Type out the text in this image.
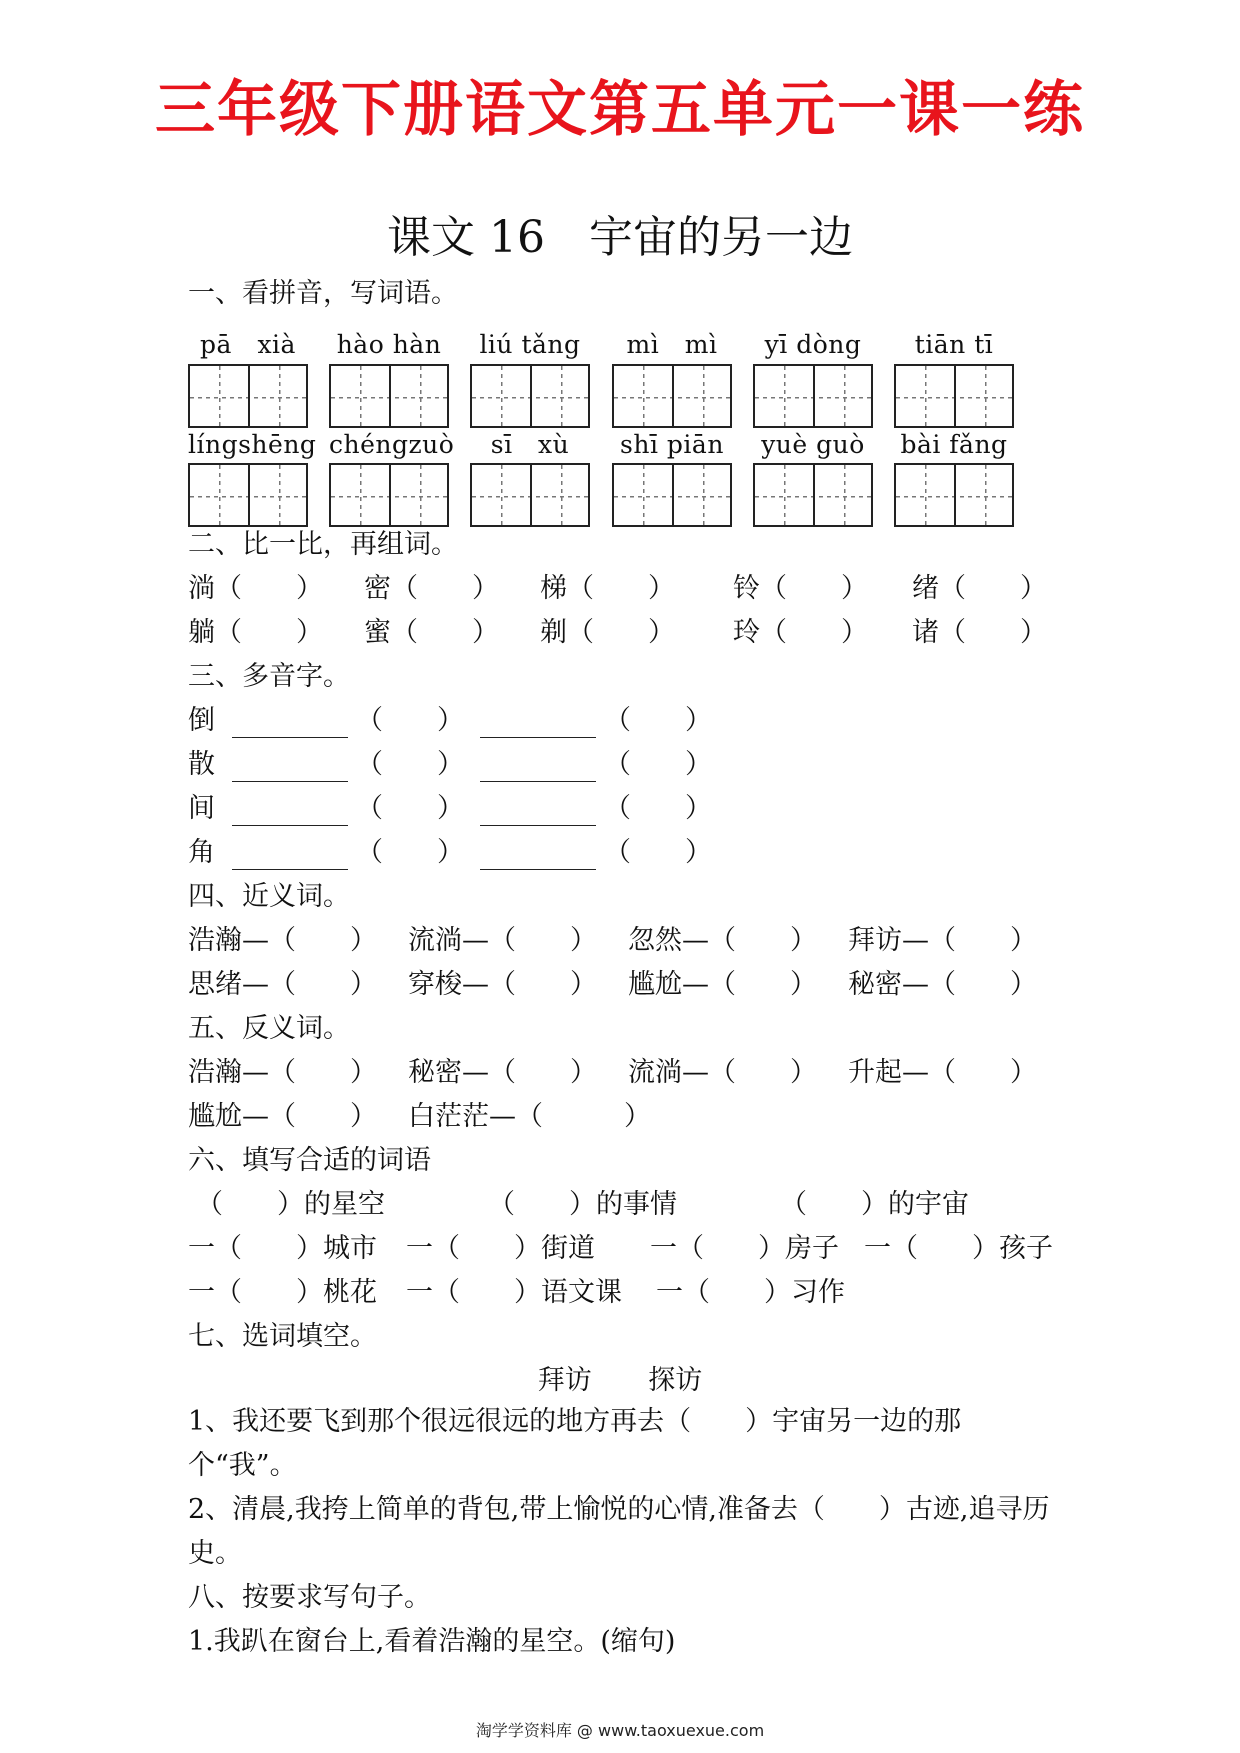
三年级下册语文第五单元一课一练
课文 16　宇宙的另一边
一、看拼音，写词语。
pā　xià	hào hàn	liú tǎng	mì　mì	yī dòng	tiān tī
língshēng chéngzuò	sī　xù	shī piān	yuè guò	bài fǎng
二、比一比，再组词。
淌（　　） 密（　　） 梯（　　） 铃（　　） 绪（　　）
躺（　　） 蜜（　　） 剃（　　） 玲（　　） 诸（　　）
三、多音字。
倒	（　　）	（　　）
散	（　　）	（　　）
间	（　　）	（　　）
角	（　　）	（　　）
四、近义词。
浩瀚—（　　） 流淌—（　　） 忽然—（　　） 拜访—（　　）
思绪—（　　） 穿梭—（　　） 尴尬—（　　） 秘密—（　　）
五、反义词。
浩瀚—（　　） 秘密—（　　） 流淌—（　　） 升起—（　　）
尴尬—（　　） 白茫茫—（　　　）
六、填写合适的词语
（　　）的星空	（　　）的事情	（　　）的宇宙
一（　　）城市 一（　　）街道 一（　　）房子 一（　　）孩子
一（　　）桃花 一（　　）语文课 一（　　）习作
七、选词填空。
拜访 探访
1、我还要飞到那个很远很远的地方再去（　　）宇宙另一边的那个“我”。
2、清晨,我挎上简单的背包,带上愉悦的心情,准备去（　　）古迹,追寻历史。
八、按要求写句子。
1.我趴在窗台上,看着浩瀚的星空。(缩句)
淘学学资料库 @ www.taoxuexue.com
